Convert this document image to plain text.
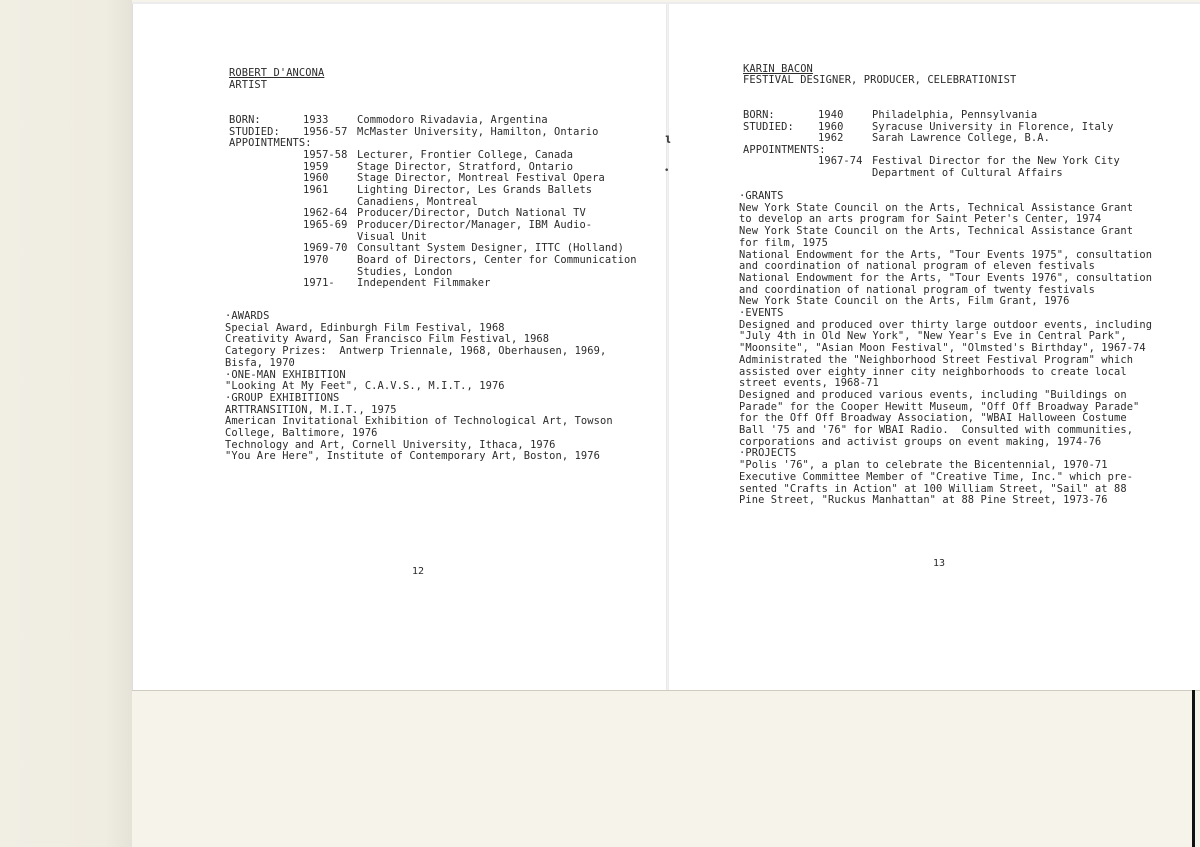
ι
•
ROBERT D'ANCONA
ARTIST
BORN:	1933	Commodoro Rivadavia, Argentina
STUDIED: 1956-57 McMaster University, Hamilton, Ontario
APPOINTMENTS:
1957-58 Lecturer, Frontier College, Canada
1959	Stage Director, Stratford, Ontario
1960	Stage Director, Montreal Festival Opera
1961	Lighting Director, Les Grands Ballets
Canadiens, Montreal
1962-64 Producer/Director, Dutch National TV
1965-69 Producer/Director/Manager, IBM Audio-
Visual Unit
1969-70 Consultant System Designer, ITTC (Holland)
1970	Board of Directors, Center for Communication
Studies, London
1971- Independent Filmmaker
·AWARDS
Special Award, Edinburgh Film Festival, 1968
Creativity Award, San Francisco Film Festival, 1968
Category Prizes:  Antwerp Triennale, 1968, Oberhausen, 1969,
Bisfa, 1970
·ONE-MAN EXHIBITION
"Looking At My Feet", C.A.V.S., M.I.T., 1976
·GROUP EXHIBITIONS
ARTTRANSITION, M.I.T., 1975
American Invitational Exhibition of Technological Art, Towson
College, Baltimore, 1976
Technology and Art, Cornell University, Ithaca, 1976
"You Are Here", Institute of Contemporary Art, Boston, 1976
12
KARIN BACON
FESTIVAL DESIGNER, PRODUCER, CELEBRATIONIST
BORN:	1940	Philadelphia, Pennsylvania
STUDIED: 1960	Syracuse University in Florence, Italy
1962	Sarah Lawrence College, B.A.
APPOINTMENTS:
1967-74 Festival Director for the New York City
Department of Cultural Affairs
·GRANTS
New York State Council on the Arts, Technical Assistance Grant
to develop an arts program for Saint Peter's Center, 1974
New York State Council on the Arts, Technical Assistance Grant
for film, 1975
National Endowment for the Arts, "Tour Events 1975", consultation
and coordination of national program of eleven festivals
National Endowment for the Arts, "Tour Events 1976", consultation
and coordination of national program of twenty festivals
New York State Council on the Arts, Film Grant, 1976
·EVENTS
Designed and produced over thirty large outdoor events, including
"July 4th in Old New York", "New Year's Eve in Central Park",
"Moonsite", "Asian Moon Festival", "Olmsted's Birthday", 1967-74
Administrated the "Neighborhood Street Festival Program" which
assisted over eighty inner city neighborhoods to create local
street events, 1968-71
Designed and produced various events, including "Buildings on
Parade" for the Cooper Hewitt Museum, "Off Off Broadway Parade"
for the Off Off Broadway Association, "WBAI Halloween Costume
Ball '75 and '76" for WBAI Radio.  Consulted with communities,
corporations and activist groups on event making, 1974-76
·PROJECTS
"Polis '76", a plan to celebrate the Bicentennial, 1970-71
Executive Committee Member of "Creative Time, Inc." which pre-
sented "Crafts in Action" at 100 William Street, "Sail" at 88
Pine Street, "Ruckus Manhattan" at 88 Pine Street, 1973-76
13
